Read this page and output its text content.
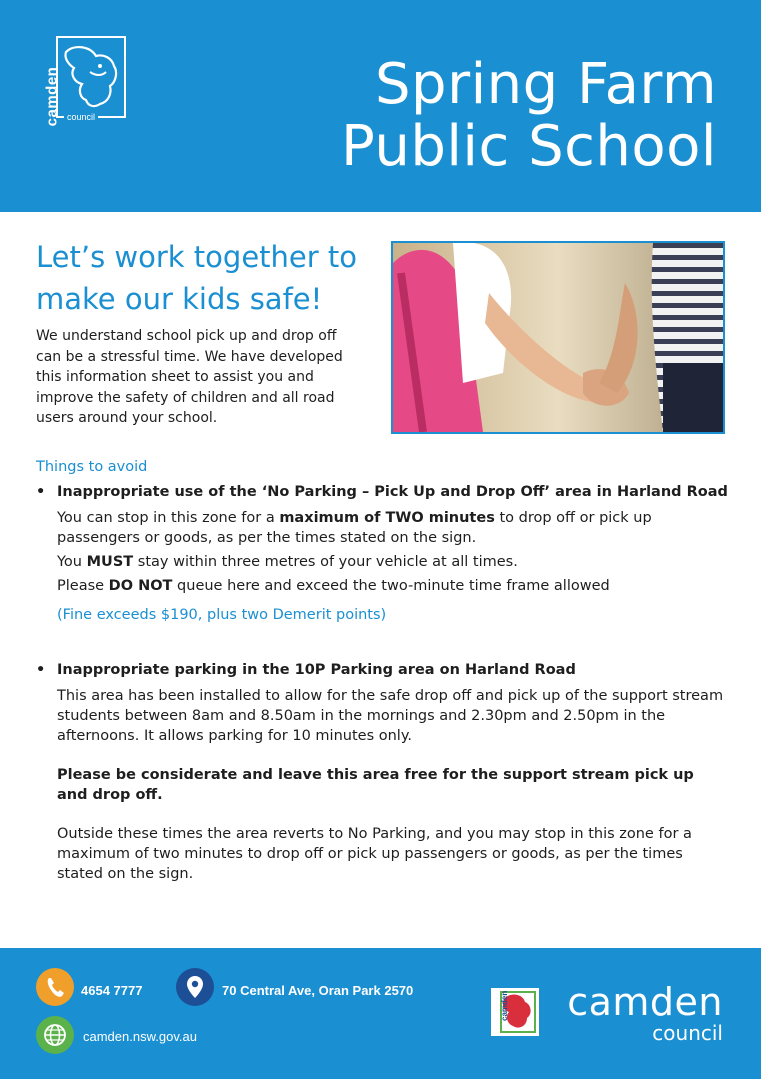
camden council	Spring Farm
Public School
Let’s work together to
make our kids safe!
We understand school pick up and drop off can be a stressful time. We have developed this information sheet to assist you and improve the safety of children and all road users around your school.
Things to avoid
• Inappropriate use of the ‘No Parking – Pick Up and Drop Off’ area in Harland Road
You can stop in this zone for a maximum of TWO minutes to drop off or pick up passengers or goods, as per the times stated on the sign.
You MUST stay within three metres of your vehicle at all times.
Please DO NOT queue here and exceed the two-minute time frame allowed
(Fine exceeds $190, plus two Demerit points)
• Inappropriate parking in the 10P Parking area on Harland Road
This area has been installed to allow for the safe drop off and pick up of the support stream students between 8am and 8.50am in the mornings and 2.30pm and 2.50pm in the afternoons. It allows parking for 10 minutes only.
Please be considerate and leave this area free for the support stream pick up and drop off.
Outside these times the area reverts to No Parking, and you may stop in this zone for a maximum of two minutes to drop off or pick up passengers or goods, as per the times stated on the sign.
4654 7777	70 Central Ave, Oran Park 2570
camden.nsw.gov.au
camden camden
council
